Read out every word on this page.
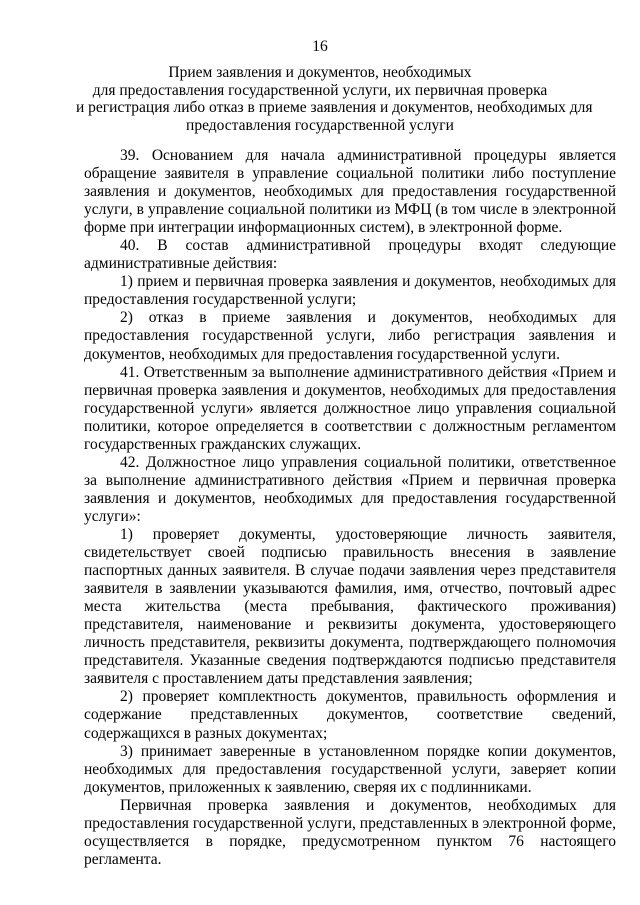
16
Прием заявления и документов, необходимых
для предоставления государственной услуги, их первичная проверка
и регистрация либо отказ в приеме заявления и документов, необходимых для
предоставления государственной услуги

39. Основанием для начала административной процедуры является обращение заявителя в управление социальной политики либо поступление заявления и документов, необходимых для предоставления государственной услуги, в управление социальной политики из МФЦ (в том числе в электронной форме при интеграции информационных систем), в электронной форме.

40. В состав административной процедуры входят следующие административные действия:

1) прием и первичная проверка заявления и документов, необходимых для предоставления государственной услуги;

2) отказ в приеме заявления и документов, необходимых для предоставления государственной услуги, либо регистрация заявления и документов, необходимых для предоставления государственной услуги.

41. Ответственным за выполнение административного действия «Прием и первичная проверка заявления и документов, необходимых для предоставления государственной услуги» является должностное лицо управления социальной политики, которое определяется в соответствии с должностным регламентом государственных гражданских служащих.

42. Должностное лицо управления социальной политики, ответственное за выполнение административного действия «Прием и первичная проверка заявления и документов, необходимых для предоставления государственной услуги»:

1) проверяет документы, удостоверяющие личность заявителя, свидетельствует своей подписью правильность внесения в заявление паспортных данных заявителя. В случае подачи заявления через представителя заявителя в заявлении указываются фамилия, имя, отчество, почтовый адрес места жительства (места пребывания, фактического проживания) представителя, наименование и реквизиты документа, удостоверяющего личность представителя, реквизиты документа, подтверждающего полномочия представителя. Указанные сведения подтверждаются подписью представителя заявителя с проставлением даты представления заявления;

2) проверяет комплектность документов, правильность оформления и содержание представленных документов, соответствие сведений, содержащихся в разных документах;

3) принимает заверенные в установленном порядке копии документов, необходимых для предоставления государственной услуги, заверяет копии документов, приложенных к заявлению, сверяя их с подлинниками.

Первичная проверка заявления и документов, необходимых для предоставления государственной услуги, представленных в электронной форме, осуществляется в порядке, предусмотренном пунктом 76 настоящего регламента.
